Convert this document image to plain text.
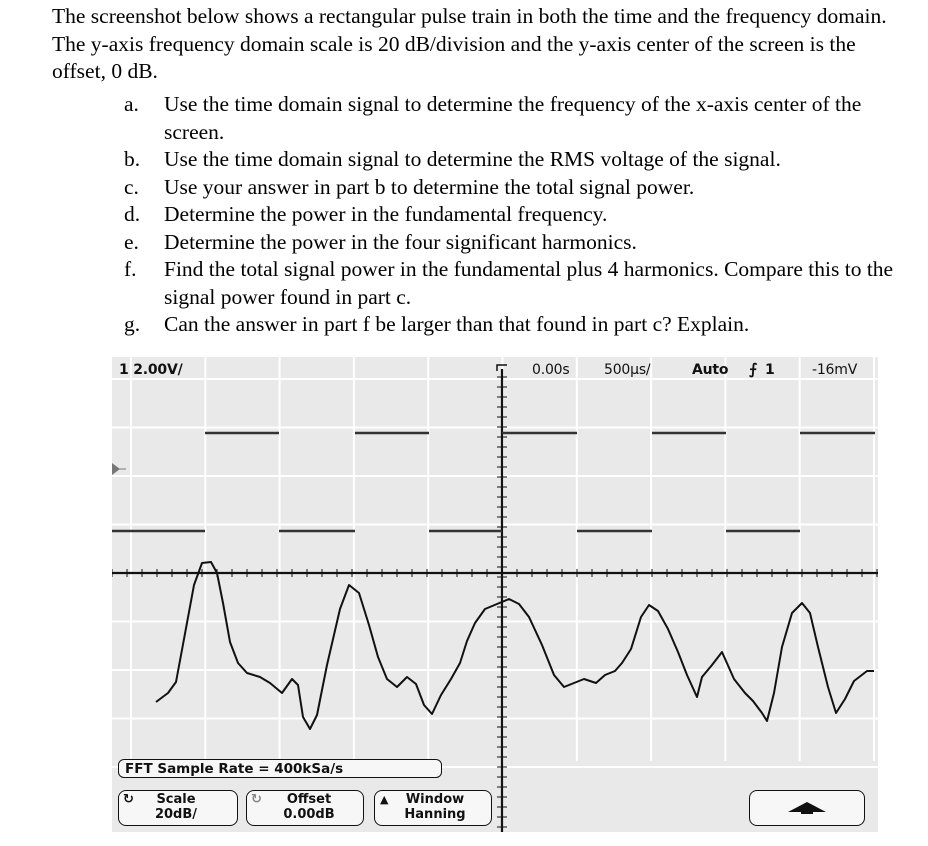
The screenshot below shows a rectangular pulse train in both the time and the frequency domain. The y-axis frequency domain scale is 20 dB/division and the y-axis center of the screen is the offset, 0 dB.
a. Use the time domain signal to determine the frequency of the x-axis center of the screen.
b. Use the time domain signal to determine the RMS voltage of the signal.
c. Use your answer in part b to determine the total signal power.
d. Determine the power in the fundamental frequency.
e. Determine the power in the four significant harmonics.
f. Find the total signal power in the fundamental plus 4 harmonics. Compare this to the signal power found in part c.
g. Can the answer in part f be larger than that found in part c? Explain.
1 2.00V/	0.00s 500µs/	Auto ⨍ 1	-16mV
FFT Sample Rate = 400kSa/s
↻	Scale
20dB/
↻	Offset
0.00dB
▲	Window
Hanning
